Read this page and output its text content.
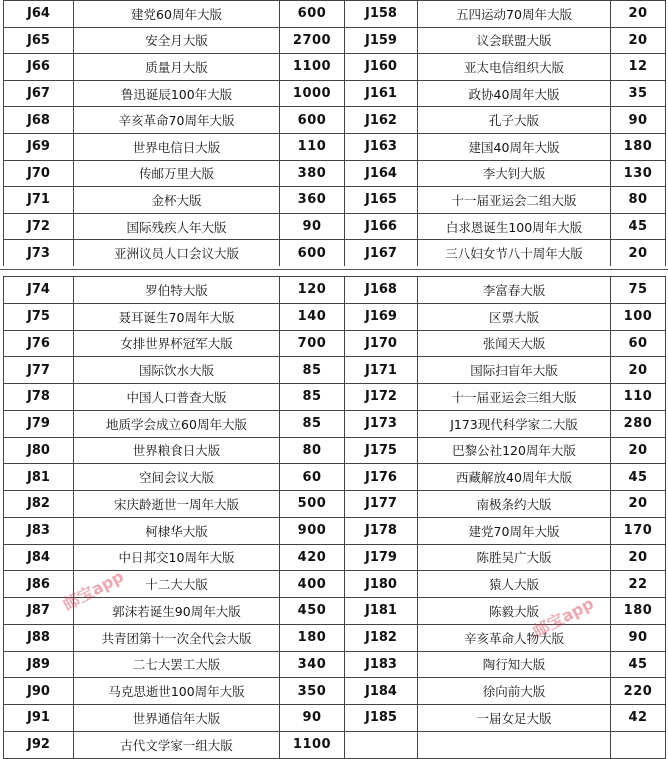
J64	建党60周年大版	600	J158	五四运动70周年大版	20
J65	安全月大版	2700	J159	议会联盟大版	20
J66	质量月大版	1100	J160	亚太电信组织大版	12
J67	鲁迅诞辰100年大版	1000	J161	政协40周年大版	35
J68	辛亥革命70周年大版	600	J162	孔子大版	90
J69	世界电信日大版	110	J163	建国40周年大版	180
J70	传邮万里大版	380	J164	李大钊大版	130
J71	金杯大版	360	J165	十一届亚运会二组大版	80
J72	国际残疾人年大版	90	J166	白求恩诞生100周年大版	45
J73	亚洲议员人口会议大版	600	J167	三八妇女节八十周年大版	20
J74	罗伯特大版	120	J168	李富春大版	75
J75	聂耳诞生70周年大版	140	J169	区票大版	100
J76	女排世界杯冠军大版	700	J170	张闻天大版	60
J77	国际饮水大版	85	J171	国际扫盲年大版	20
J78	中国人口普查大版	85	J172	十一届亚运会三组大版	110
J79	地质学会成立60周年大版	85	J173	J173现代科学家二大版	280
J80	世界粮食日大版	80	J175	巴黎公社120周年大版	20
J81	空间会议大版	60	J176	西藏解放40周年大版	45
J82	宋庆龄逝世一周年大版	500	J177	南极条约大版	20
J83	柯棣华大版	900	J178	建党70周年大版	170
J84	中日邦交10周年大版	420	J179	陈胜吴广大版	20
J86	十二大大版	400	J180	猿人大版	22
J87	郭沫若诞生90周年大版	450	J181	陈毅大版	180
J88	共青团第十一次全代会大版	180	J182	辛亥革命人物大版	90
J89	二七大罢工大版	340	J183	陶行知大版	45
J90	马克思逝世100周年大版	350	J184	徐向前大版	220
J91	世界通信年大版	90	J185	一届女足大版	42
J92	古代文学家一组大版	1100			
邮宝app
邮宝app
